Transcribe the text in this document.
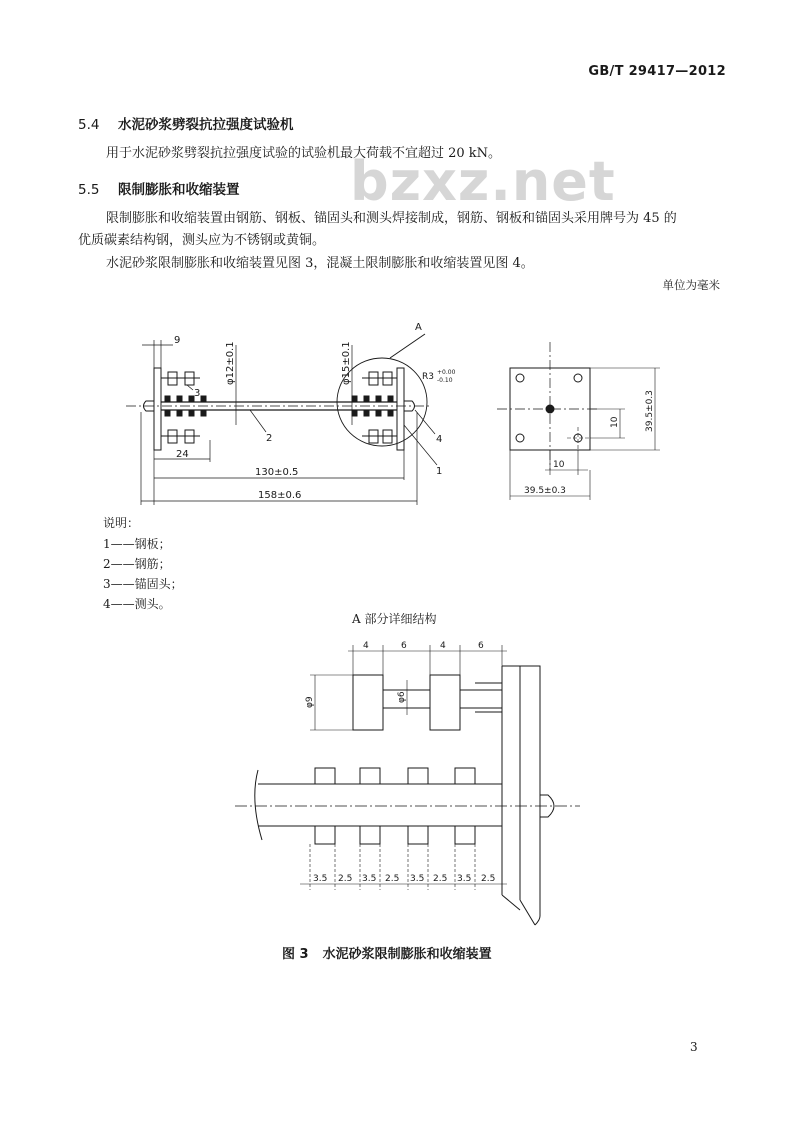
GB/T 29417—2012
bzxz.net
5.4 水泥砂浆劈裂抗拉强度试验机
用于水泥砂浆劈裂抗拉强度试验的试验机最大荷载不宜超过 20 kN。
5.5 限制膨胀和收缩装置
限制膨胀和收缩装置由钢筋、钢板、锚固头和测头焊接制成，钢筋、钢板和锚固头采用牌号为 45 的
优质碳素结构钢，测头应为不锈钢或黄铜。
水泥砂浆限制膨胀和收缩装置见图 3，混凝土限制膨胀和收缩装置见图 4。
单位为毫米
9
φ12±0.1	φ15±0.1
A
R3 +0.00
-0.10
24
130±0.5
158±0.6
1
2
3
4
10	39.5±0.3
10
39.5±0.3
4	6	4	6
φ9	φ6
3.5 2.5 3.5 2.5 3.5 2.5 3.5 2.5
说明：
1——钢板；
2——钢筋；
3——锚固头；
4——测头。
A 部分详细结构
图 3 水泥砂浆限制膨胀和收缩装置
3
